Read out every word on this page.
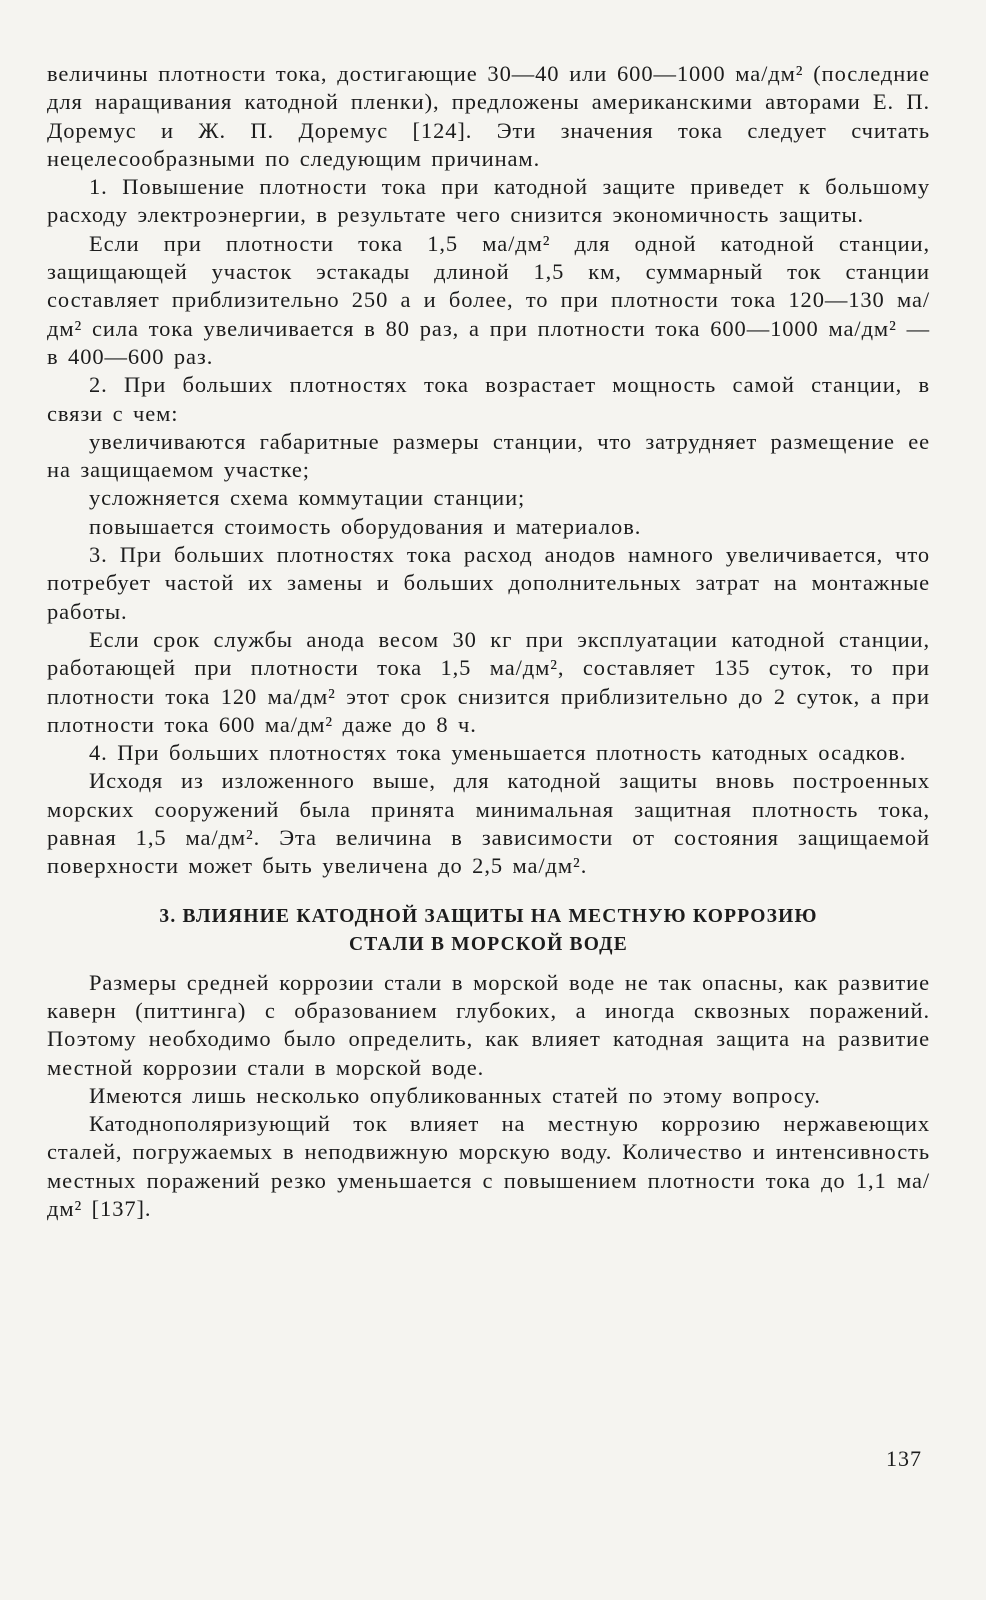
величины плотности тока, достигающие 30—40 или 600—1000 ма/дм² (последние для наращивания катодной пленки), предложены американскими авторами Е. П. Доремус и Ж. П. Доремус [124]. Эти значения тока следует считать нецелесообразными по следующим причинам.

1. Повышение плотности тока при катодной защите приведет к большому расходу электроэнергии, в результате чего снизится экономичность защиты.

Если при плотности тока 1,5 ма/дм² для одной катодной станции, защищающей участок эстакады длиной 1,5 км, суммарный ток станции составляет приблизительно 250 а и более, то при плотности тока 120—130 ма/дм² сила тока увеличивается в 80 раз, а при плотности тока 600—1000 ма/дм² — в 400—600 раз.

2. При больших плотностях тока возрастает мощность самой станции, в связи с чем:

увеличиваются габаритные размеры станции, что затрудняет размещение ее на защищаемом участке;

усложняется схема коммутации станции;

повышается стоимость оборудования и материалов.

3. При больших плотностях тока расход анодов намного увеличивается, что потребует частой их замены и больших дополнительных затрат на монтажные работы.

Если срок службы анода весом 30 кг при эксплуатации катодной станции, работающей при плотности тока 1,5 ма/дм², составляет 135 суток, то при плотности тока 120 ма/дм² этот срок снизится приблизительно до 2 суток, а при плотности тока 600 ма/дм² даже до 8 ч.

4. При больших плотностях тока уменьшается плотность катодных осадков.

Исходя из изложенного выше, для катодной защиты вновь построенных морских сооружений была принята минимальная защитная плотность тока, равная 1,5 ма/дм². Эта величина в зависимости от состояния защищаемой поверхности может быть увеличена до 2,5 ма/дм².

3. ВЛИЯНИЕ КАТОДНОЙ ЗАЩИТЫ НА МЕСТНУЮ КОРРОЗИЮ
СТАЛИ В МОРСКОЙ ВОДЕ

Размеры средней коррозии стали в морской воде не так опасны, как развитие каверн (питтинга) с образованием глубоких, а иногда сквозных поражений. Поэтому необходимо было определить, как влияет катодная защита на развитие местной коррозии стали в морской воде.

Имеются лишь несколько опубликованных статей по этому вопросу.

Катоднополяризующий ток влияет на местную коррозию нержавеющих сталей, погружаемых в неподвижную морскую воду. Количество и интенсивность местных поражений резко уменьшается с повышением плотности тока до 1,1 ма/дм² [137].

137
